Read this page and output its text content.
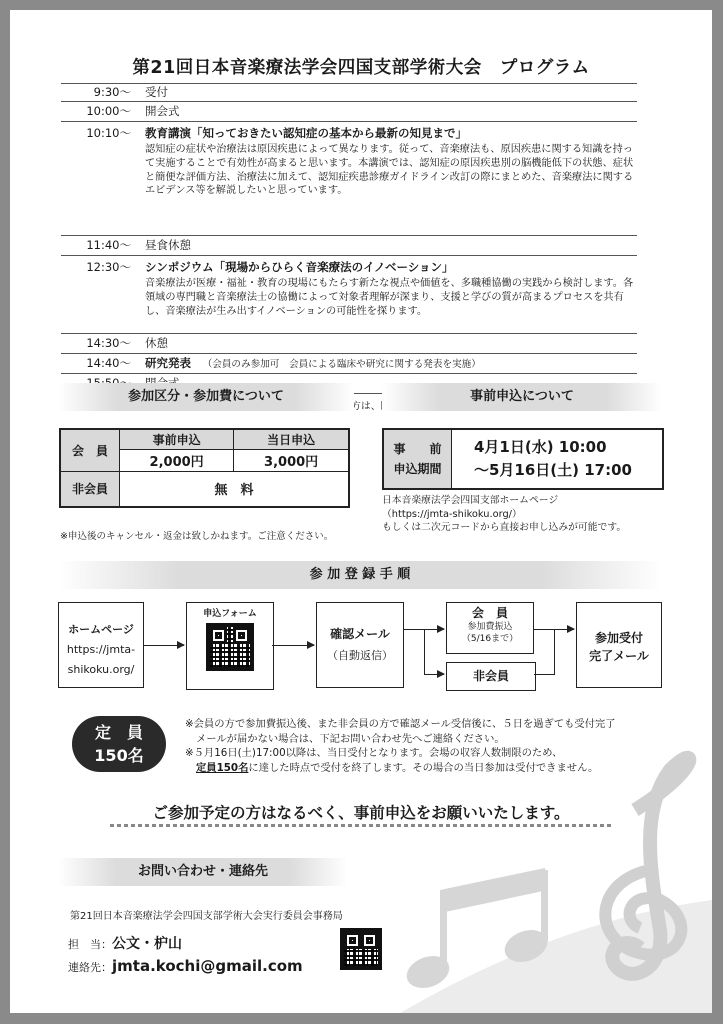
第21回日本音楽療法学会四国支部学術大会　プログラム
9:30〜	受付
10:00〜	開会式
10:10〜	教育講演「知っておきたい認知症の基本から最新の知見まで」
認知症の症状や治療法は原因疾患によって異なります。従って、音楽療法も、原因疾患に関する知識を持って実施することで有効性が高まると思います。本講演では、認知症の原因疾患別の脳機能低下の状態、症状と簡便な評価方法、治療法に加えて、認知症疾患診療ガイドライン改訂の際にまとめた、音楽療法に関するエビデンス等を解説したいと思っています。
11:40〜	昼食休憩
12:30〜	シンポジウム「現場からひらく音楽療法のイノベーション」
音楽療法が医療・福祉・教育の現場にもたらす新たな視点や価値を、多職種協働の実践から検討します。各領域の専門職と音楽療法士の協働によって対象者理解が深まり、支援と学びの質が高まるプロセスを共有し、音楽療法が生み出すイノベーションの可能性を探ります。
14:30〜	休憩
14:40〜	研究発表 （会員のみ参加可　会員による臨床や研究に関する発表を実施）
参加区分・参加費について
会　員	事前申込	当日申込
	2,000円	3,000円
非会員	無　料	
※申込後のキャンセル・返金は致しかねます。ご注意ください。
事前申込について
事　　前
申込期間
4月1日(水) 10:00
〜5月16日(土) 17:00
日本音楽療法学会四国支部ホームページ
（https://jmta-shikoku.org/）
もしくは二次元コードから直接お申し込みが可能です。
参 加 登 録 手 順
ホームページ
https://jmta-
shikoku.org/
申込フォーム
確認メール
（自動返信）
会　員
参加費振込
（5/16まで）
非会員
参加受付
完了メール
定　員
150名
※会員の方で参加費振込後、また非会員の方で確認メール受信後に、５日を過ぎても受付完了
メールが届かない場合は、下記お問い合わせ先へご連絡ください。
※５月16日(土)17:00以降は、当日受付となります。会場の収容人数制限のため、
定員150名に達した時点で受付を終了します。その場合の当日参加は受付できません。
ご参加予定の方はなるべく、事前申込をお願いいたします。
お問い合わせ・連絡先
第21回日本音楽療法学会四国支部学術大会実行委員会事務局
担　当：公文・枦山
連絡先：jmta.kochi@gmail.com
